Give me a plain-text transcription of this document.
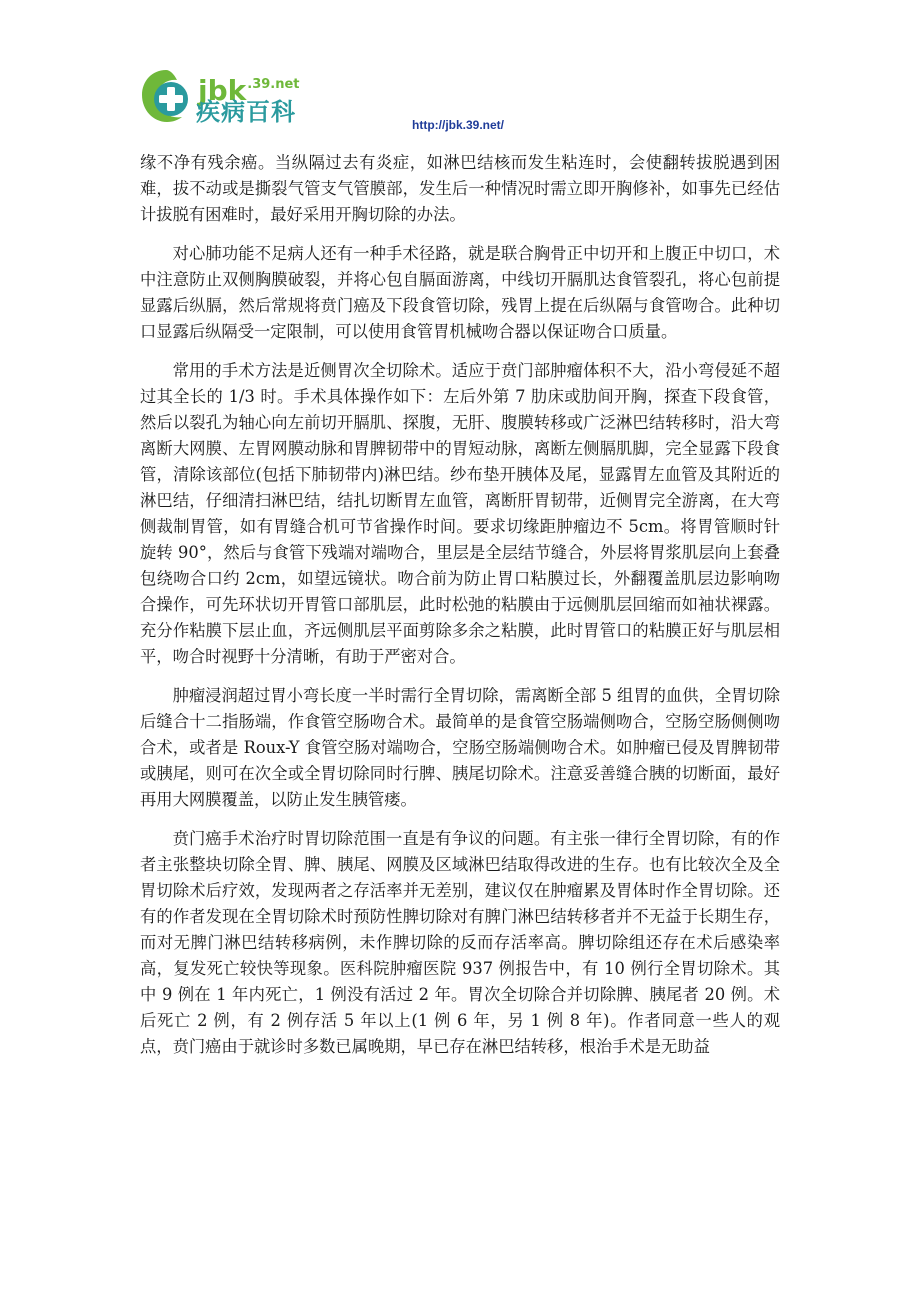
jbk$^{.39.net}$
疾病百科	http://jbk.39.net/

缘不净有残余癌。当纵隔过去有炎症，如淋巴结核而发生粘连时，会使翻转拔脱遇到困难，拔不动或是撕裂气管支气管膜部，发生后一种情况时需立即开胸修补，如事先已经估计拔脱有困难时，最好采用开胸切除的办法。

对心肺功能不足病人还有一种手术径路，就是联合胸骨正中切开和上腹正中切口，术中注意防止双侧胸膜破裂，并将心包自膈面游离，中线切开膈肌达食管裂孔，将心包前提显露后纵膈，然后常规将贲门癌及下段食管切除，残胃上提在后纵隔与食管吻合。此种切口显露后纵隔受一定限制，可以使用食管胃机械吻合器以保证吻合口质量。

常用的手术方法是近侧胃次全切除术。适应于贲门部肿瘤体积不大，沿小弯侵延不超过其全长的 1/3 时。手术具体操作如下：左后外第 7 肋床或肋间开胸，探查下段食管，然后以裂孔为轴心向左前切开膈肌、探腹，无肝、腹膜转移或广泛淋巴结转移时，沿大弯离断大网膜、左胃网膜动脉和胃脾韧带中的胃短动脉，离断左侧膈肌脚，完全显露下段食管，清除该部位(包括下肺韧带内)淋巴结。纱布垫开胰体及尾，显露胃左血管及其附近的淋巴结，仔细清扫淋巴结，结扎切断胃左血管，离断肝胃韧带，近侧胃完全游离，在大弯侧裁制胃管，如有胃缝合机可节省操作时间。要求切缘距肿瘤边不 5cm。将胃管顺时针旋转 90°，然后与食管下残端对端吻合，里层是全层结节缝合，外层将胃浆肌层向上套叠包绕吻合口约 2cm，如望远镜状。吻合前为防止胃口粘膜过长，外翻覆盖肌层边影响吻合操作，可先环状切开胃管口部肌层，此时松弛的粘膜由于远侧肌层回缩而如袖状裸露。充分作粘膜下层止血，齐远侧肌层平面剪除多余之粘膜，此时胃管口的粘膜正好与肌层相平，吻合时视野十分清晰，有助于严密对合。

肿瘤浸润超过胃小弯长度一半时需行全胃切除，需离断全部 5 组胃的血供，全胃切除后缝合十二指肠端，作食管空肠吻合术。最简单的是食管空肠端侧吻合，空肠空肠侧侧吻合术，或者是 Roux-Y 食管空肠对端吻合，空肠空肠端侧吻合术。如肿瘤已侵及胃脾韧带或胰尾，则可在次全或全胃切除同时行脾、胰尾切除术。注意妥善缝合胰的切断面，最好再用大网膜覆盖，以防止发生胰管瘘。

贲门癌手术治疗时胃切除范围一直是有争议的问题。有主张一律行全胃切除，有的作者主张整块切除全胃、脾、胰尾、网膜及区域淋巴结取得改进的生存。也有比较次全及全胃切除术后疗效，发现两者之存活率并无差别，建议仅在肿瘤累及胃体时作全胃切除。还有的作者发现在全胃切除术时预防性脾切除对有脾门淋巴结转移者并不无益于长期生存，而对无脾门淋巴结转移病例，未作脾切除的反而存活率高。脾切除组还存在术后感染率高，复发死亡较快等现象。医科院肿瘤医院 937 例报告中，有 10 例行全胃切除术。其中 9 例在 1 年内死亡，1 例没有活过 2 年。胃次全切除合并切除脾、胰尾者 20 例。术后死亡 2 例，有 2 例存活 5 年以上(1 例 6 年，另 1 例 8 年)。作者同意一些人的观点，贲门癌由于就诊时多数已属晚期，早已存在淋巴结转移，根治手术是无助益
